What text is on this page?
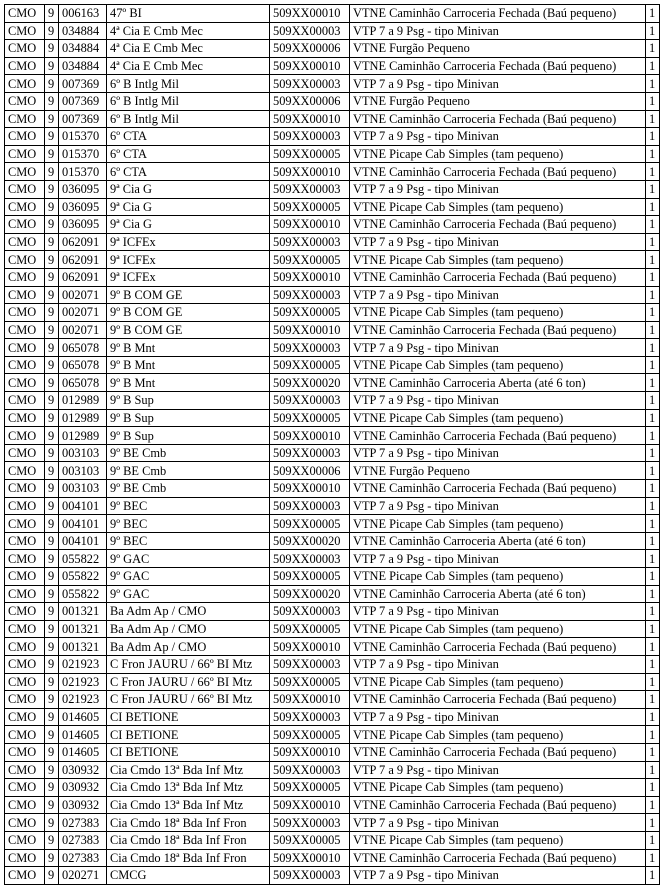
CMO	9	006163	47º BI	509XX00010	VTNE Caminhão Carroceria Fechada (Baú pequeno)	1
CMO	9	034884	4ª Cia E Cmb Mec	509XX00003	VTP 7 a 9 Psg - tipo Minivan	1
CMO	9	034884	4ª Cia E Cmb Mec	509XX00006	VTNE Furgão Pequeno	1
CMO	9	034884	4ª Cia E Cmb Mec	509XX00010	VTNE Caminhão Carroceria Fechada (Baú pequeno)	1
CMO	9	007369	6º B Intlg Mil	509XX00003	VTP 7 a 9 Psg - tipo Minivan	1
CMO	9	007369	6º B Intlg Mil	509XX00006	VTNE Furgão Pequeno	1
CMO	9	007369	6º B Intlg Mil	509XX00010	VTNE Caminhão Carroceria Fechada (Baú pequeno)	1
CMO	9	015370	6º CTA	509XX00003	VTP 7 a 9 Psg - tipo Minivan	1
CMO	9	015370	6º CTA	509XX00005	VTNE Picape Cab Simples (tam pequeno)	1
CMO	9	015370	6º CTA	509XX00010	VTNE Caminhão Carroceria Fechada (Baú pequeno)	1
CMO	9	036095	9ª Cia G	509XX00003	VTP 7 a 9 Psg - tipo Minivan	1
CMO	9	036095	9ª Cia G	509XX00005	VTNE Picape Cab Simples (tam pequeno)	1
CMO	9	036095	9ª Cia G	509XX00010	VTNE Caminhão Carroceria Fechada (Baú pequeno)	1
CMO	9	062091	9ª ICFEx	509XX00003	VTP 7 a 9 Psg - tipo Minivan	1
CMO	9	062091	9ª ICFEx	509XX00005	VTNE Picape Cab Simples (tam pequeno)	1
CMO	9	062091	9ª ICFEx	509XX00010	VTNE Caminhão Carroceria Fechada (Baú pequeno)	1
CMO	9	002071	9º B COM GE	509XX00003	VTP 7 a 9 Psg - tipo Minivan	1
CMO	9	002071	9º B COM GE	509XX00005	VTNE Picape Cab Simples (tam pequeno)	1
CMO	9	002071	9º B COM GE	509XX00010	VTNE Caminhão Carroceria Fechada (Baú pequeno)	1
CMO	9	065078	9º B Mnt	509XX00003	VTP 7 a 9 Psg - tipo Minivan	1
CMO	9	065078	9º B Mnt	509XX00005	VTNE Picape Cab Simples (tam pequeno)	1
CMO	9	065078	9º B Mnt	509XX00020	VTNE Caminhão Carroceria Aberta (até 6 ton)	1
CMO	9	012989	9º B Sup	509XX00003	VTP 7 a 9 Psg - tipo Minivan	1
CMO	9	012989	9º B Sup	509XX00005	VTNE Picape Cab Simples (tam pequeno)	1
CMO	9	012989	9º B Sup	509XX00010	VTNE Caminhão Carroceria Fechada (Baú pequeno)	1
CMO	9	003103	9º BE Cmb	509XX00003	VTP 7 a 9 Psg - tipo Minivan	1
CMO	9	003103	9º BE Cmb	509XX00006	VTNE Furgão Pequeno	1
CMO	9	003103	9º BE Cmb	509XX00010	VTNE Caminhão Carroceria Fechada (Baú pequeno)	1
CMO	9	004101	9º BEC	509XX00003	VTP 7 a 9 Psg - tipo Minivan	1
CMO	9	004101	9º BEC	509XX00005	VTNE Picape Cab Simples (tam pequeno)	1
CMO	9	004101	9º BEC	509XX00020	VTNE Caminhão Carroceria Aberta (até 6 ton)	1
CMO	9	055822	9º GAC	509XX00003	VTP 7 a 9 Psg - tipo Minivan	1
CMO	9	055822	9º GAC	509XX00005	VTNE Picape Cab Simples (tam pequeno)	1
CMO	9	055822	9º GAC	509XX00020	VTNE Caminhão Carroceria Aberta (até 6 ton)	1
CMO	9	001321	Ba Adm Ap / CMO	509XX00003	VTP 7 a 9 Psg - tipo Minivan	1
CMO	9	001321	Ba Adm Ap / CMO	509XX00005	VTNE Picape Cab Simples (tam pequeno)	1
CMO	9	001321	Ba Adm Ap / CMO	509XX00010	VTNE Caminhão Carroceria Fechada (Baú pequeno)	1
CMO	9	021923	C Fron JAURU / 66º BI Mtz	509XX00003	VTP 7 a 9 Psg - tipo Minivan	1
CMO	9	021923	C Fron JAURU / 66º BI Mtz	509XX00005	VTNE Picape Cab Simples (tam pequeno)	1
CMO	9	021923	C Fron JAURU / 66º BI Mtz	509XX00010	VTNE Caminhão Carroceria Fechada (Baú pequeno)	1
CMO	9	014605	CI BETIONE	509XX00003	VTP 7 a 9 Psg - tipo Minivan	1
CMO	9	014605	CI BETIONE	509XX00005	VTNE Picape Cab Simples (tam pequeno)	1
CMO	9	014605	CI BETIONE	509XX00010	VTNE Caminhão Carroceria Fechada (Baú pequeno)	1
CMO	9	030932	Cia Cmdo 13ª Bda Inf Mtz	509XX00003	VTP 7 a 9 Psg - tipo Minivan	1
CMO	9	030932	Cia Cmdo 13ª Bda Inf Mtz	509XX00005	VTNE Picape Cab Simples (tam pequeno)	1
CMO	9	030932	Cia Cmdo 13ª Bda Inf Mtz	509XX00010	VTNE Caminhão Carroceria Fechada (Baú pequeno)	1
CMO	9	027383	Cia Cmdo 18ª Bda Inf Fron	509XX00003	VTP 7 a 9 Psg - tipo Minivan	1
CMO	9	027383	Cia Cmdo 18ª Bda Inf Fron	509XX00005	VTNE Picape Cab Simples (tam pequeno)	1
CMO	9	027383	Cia Cmdo 18ª Bda Inf Fron	509XX00010	VTNE Caminhão Carroceria Fechada (Baú pequeno)	1
CMO	9	020271	CMCG	509XX00003	VTP 7 a 9 Psg - tipo Minivan	1
